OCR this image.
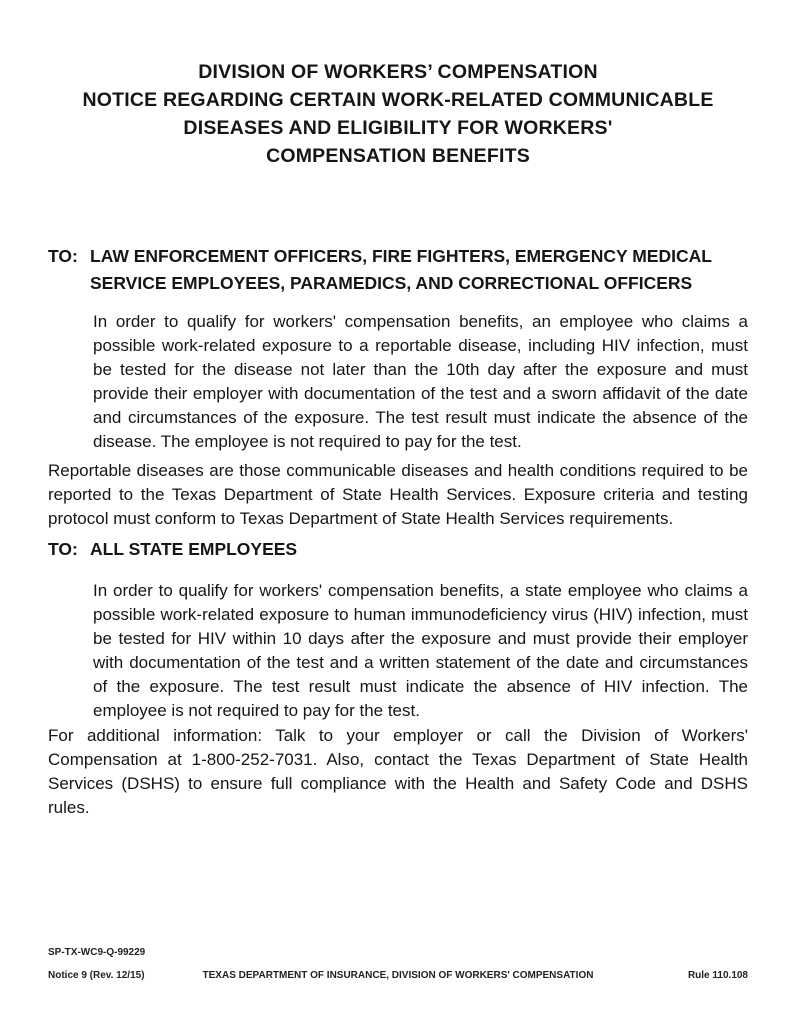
DIVISION OF WORKERS’ COMPENSATION
NOTICE REGARDING CERTAIN WORK-RELATED COMMUNICABLE
DISEASES AND ELIGIBILITY FOR WORKERS'
COMPENSATION BENEFITS
TO: LAW ENFORCEMENT OFFICERS, FIRE FIGHTERS, EMERGENCY MEDICAL
SERVICE EMPLOYEES, PARAMEDICS, AND CORRECTIONAL OFFICERS

In order to qualify for workers' compensation benefits, an employee who claims a possible work-related exposure to a reportable disease, including HIV infection, must be tested for the disease not later than the 10th day after the exposure and must provide their employer with documentation of the test and a sworn affidavit of the date and circumstances of the exposure. The test result must indicate the absence of the disease. The employee is not required to pay for the test.

Reportable diseases are those communicable diseases and health conditions required to be reported to the Texas Department of State Health Services. Exposure criteria and testing protocol must conform to Texas Department of State Health Services requirements.

TO: ALL STATE EMPLOYEES

In order to qualify for workers' compensation benefits, a state employee who claims a possible work-related exposure to human immunodeficiency virus (HIV) infection, must be tested for HIV within 10 days after the exposure and must provide their employer with documentation of the test and a written statement of the date and circumstances of the exposure. The test result must indicate the absence of HIV infection. The employee is not required to pay for the test.

For additional information: Talk to your employer or call the Division of Workers' Compensation at 1-800-252-7031. Also, contact the Texas Department of State Health Services (DSHS) to ensure full compliance with the Health and Safety Code and DSHS rules.

SP-TX-WC9-Q-99229
TEXAS DEPARTMENT OF INSURANCE, DIVISION OF WORKERS' COMPENSATION
Notice 9 (Rev. 12/15)	Rule 110.108
